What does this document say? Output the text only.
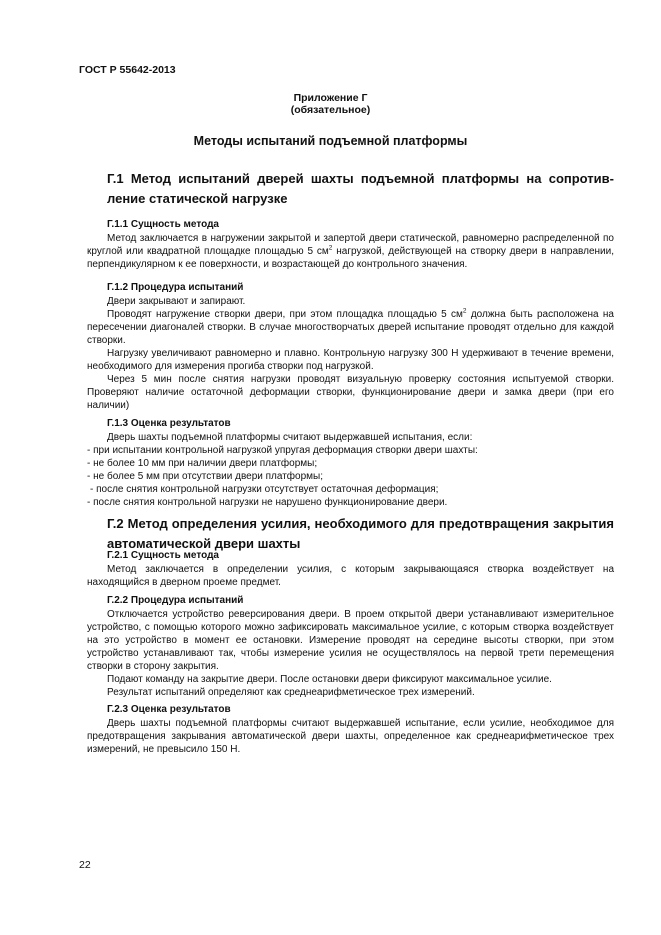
ГОСТ Р 55642-2013
Приложение Г
(обязательное)
Методы испытаний подъемной платформы
Г.1 Метод испытаний дверей шахты подъемной платформы на сопротивление статической нагрузке
Г.1.1 Сущность метода

Метод заключается в нагружении закрытой и запертой двери статической, равномерно распределенной по круглой или квадратной площадке площадью 5 $см^2$ нагрузкой, действующей на створку двери в направлении, перпендикулярном к ее поверхности, и возрастающей до контрольного значения.

Г.1.2 Процедура испытаний

Двери закрывают и запирают.

Проводят нагружение створки двери, при этом площадка площадью 5 $см^2$ должна быть расположена на пересечении диагоналей створки. В случае многостворчатых дверей испытание проводят отдельно для каждой створки.

Нагрузку увеличивают равномерно и плавно. Контрольную нагрузку 300 Н удерживают в течение времени, необходимого для измерения прогиба створки под нагрузкой.

Через 5 мин после снятия нагрузки проводят визуальную проверку состояния испытуемой створки. Проверяют наличие остаточной деформации створки, функционирование двери и замка двери (при его наличии)

Г.1.3 Оценка результатов

Дверь шахты подъемной платформы считают выдержавшей испытания, если:

- при испытании контрольной нагрузкой упругая деформация створки двери шахты:
- не более 10 мм при наличии двери платформы;
- не более 5 мм при отсутствии двери платформы;
- после снятия контрольной нагрузки отсутствует остаточная деформация;
- после снятия контрольной нагрузки не нарушено функционирование двери.
Г.2 Метод определения усилия, необходимого для предотвращения закрытия автоматической двери шахты
Г.2.1 Сущность метода

Метод заключается в определении усилия, с которым закрывающаяся створка воздействует на находящийся в дверном проеме предмет.

Г.2.2 Процедура испытаний

Отключается устройство реверсирования двери. В проем открытой двери устанавливают измерительное устройство, с помощью которого можно зафиксировать максимальное усилие, с которым створка воздействует на это устройство в момент ее остановки. Измерение проводят на середине высоты створки, при этом устройство устанавливают так, чтобы измерение усилия не осуществлялось на первой трети перемещения створки в сторону закрытия.

Подают команду на закрытие двери. После остановки двери фиксируют максимальное усилие.

Результат испытаний определяют как среднеарифметическое трех измерений.

Г.2.3 Оценка результатов

Дверь шахты подъемной платформы считают выдержавшей испытание, если усилие, необходимое для предотвращения закрывания автоматической двери шахты, определенное как среднеарифметическое трех измерений, не превысило 150 Н.

22
